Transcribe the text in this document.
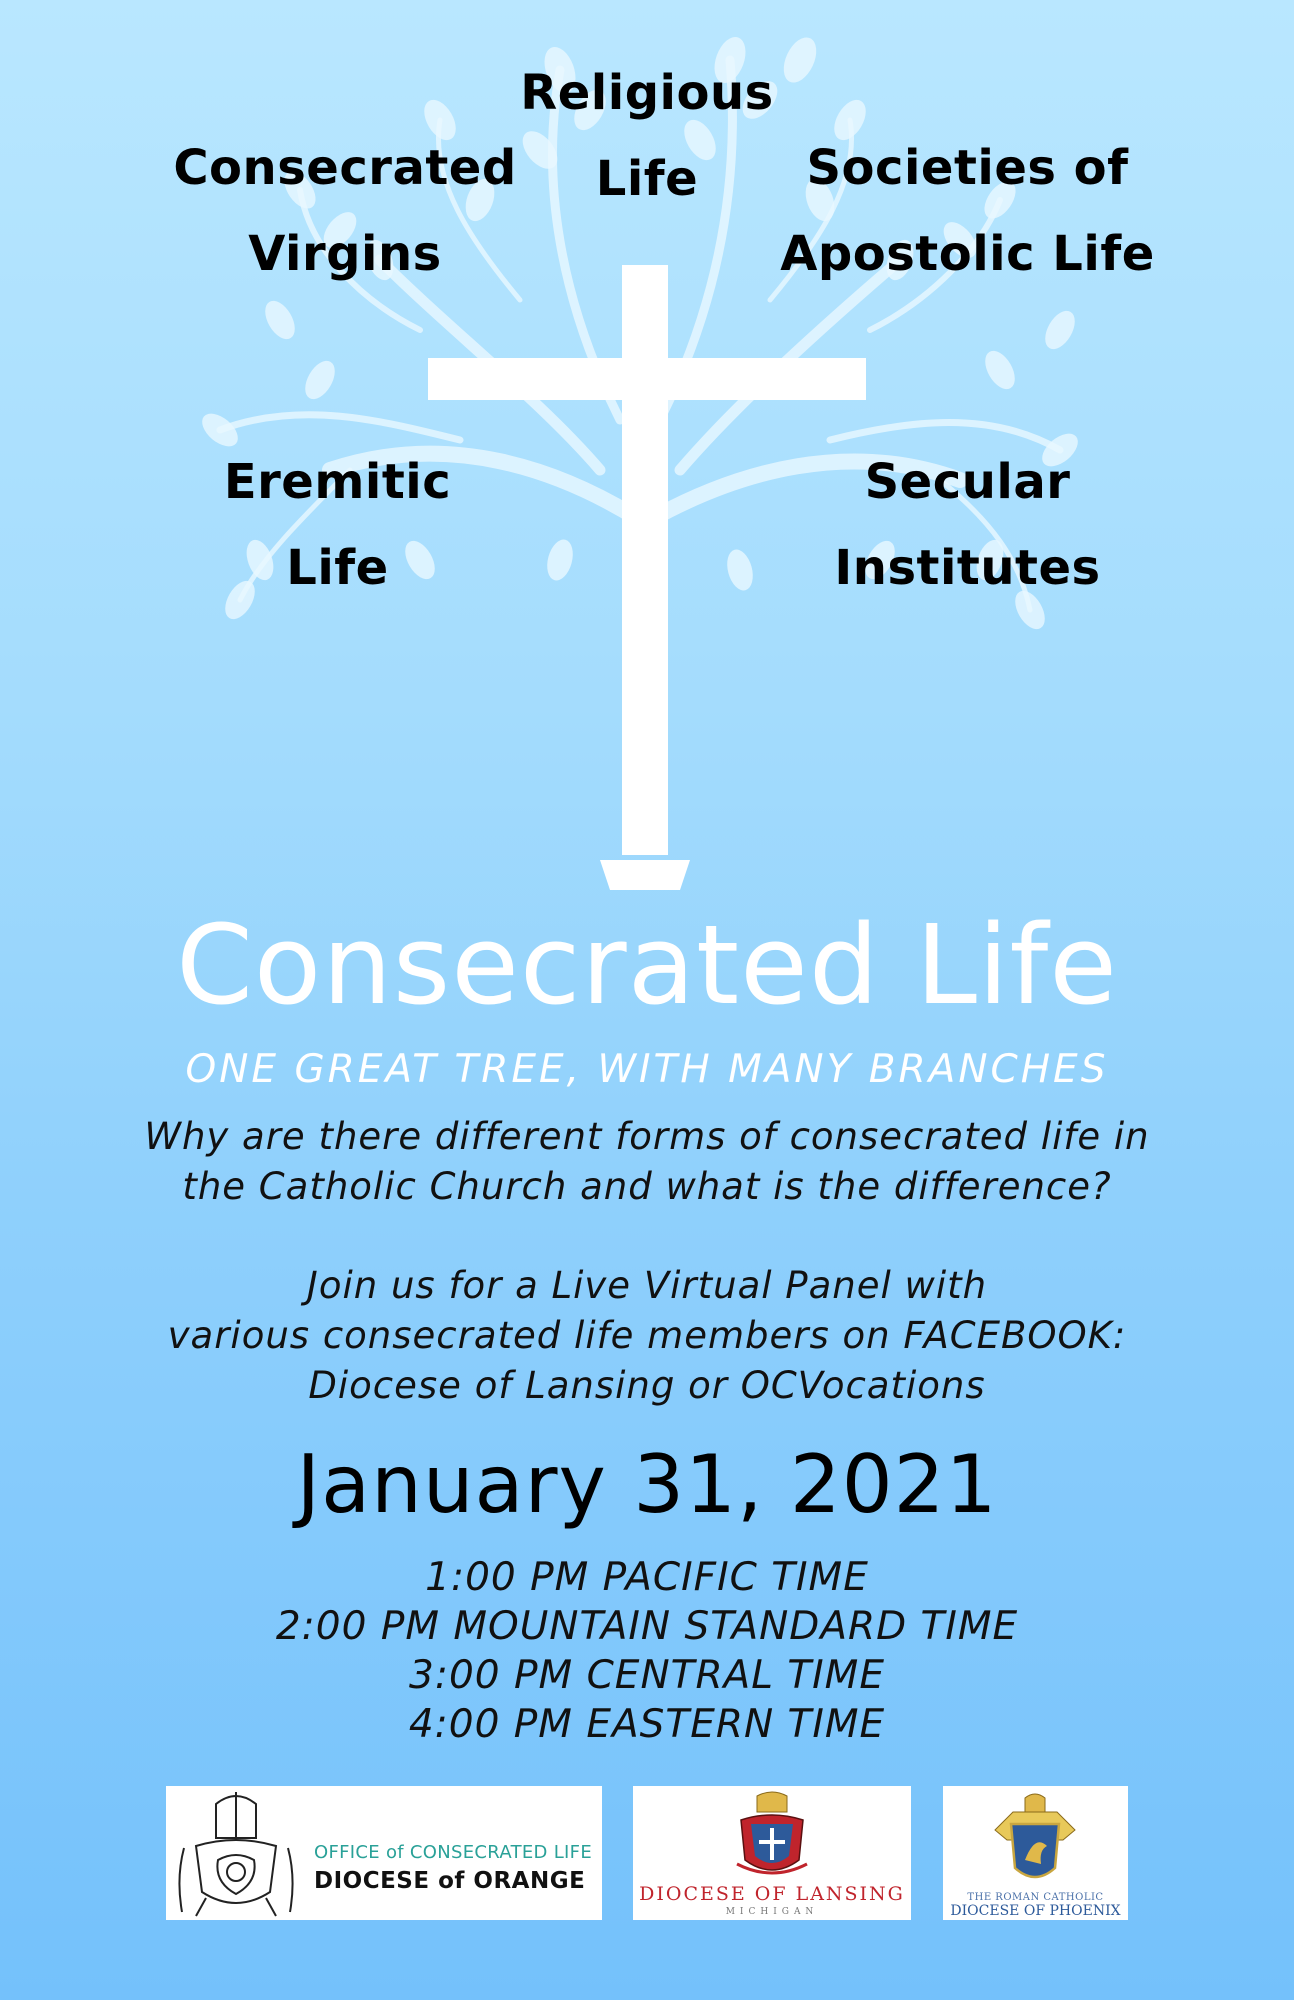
Consecrated
Virgins
Religious
Life	Societies of
Apostolic Life
Eremitic
Life
Secular
Institutes
Consecrated Life

ONE GREAT TREE, WITH MANY BRANCHES

Why are there different forms of consecrated life in
the Catholic Church and what is the difference?

Join us for a Live Virtual Panel with
various consecrated life members on FACEBOOK:
Diocese of Lansing or OCVocations

January 31, 2021

1:00 PM PACIFIC TIME
2:00 PM MOUNTAIN STANDARD TIME
3:00 PM CENTRAL TIME
4:00 PM EASTERN TIME
OFFICE of CONSECRATED LIFE
DIOCESE of ORANGE	DIOCESE OF LANSING
MICHIGAN
THE ROMAN CATHOLIC
DIOCESE OF PHOENIX
